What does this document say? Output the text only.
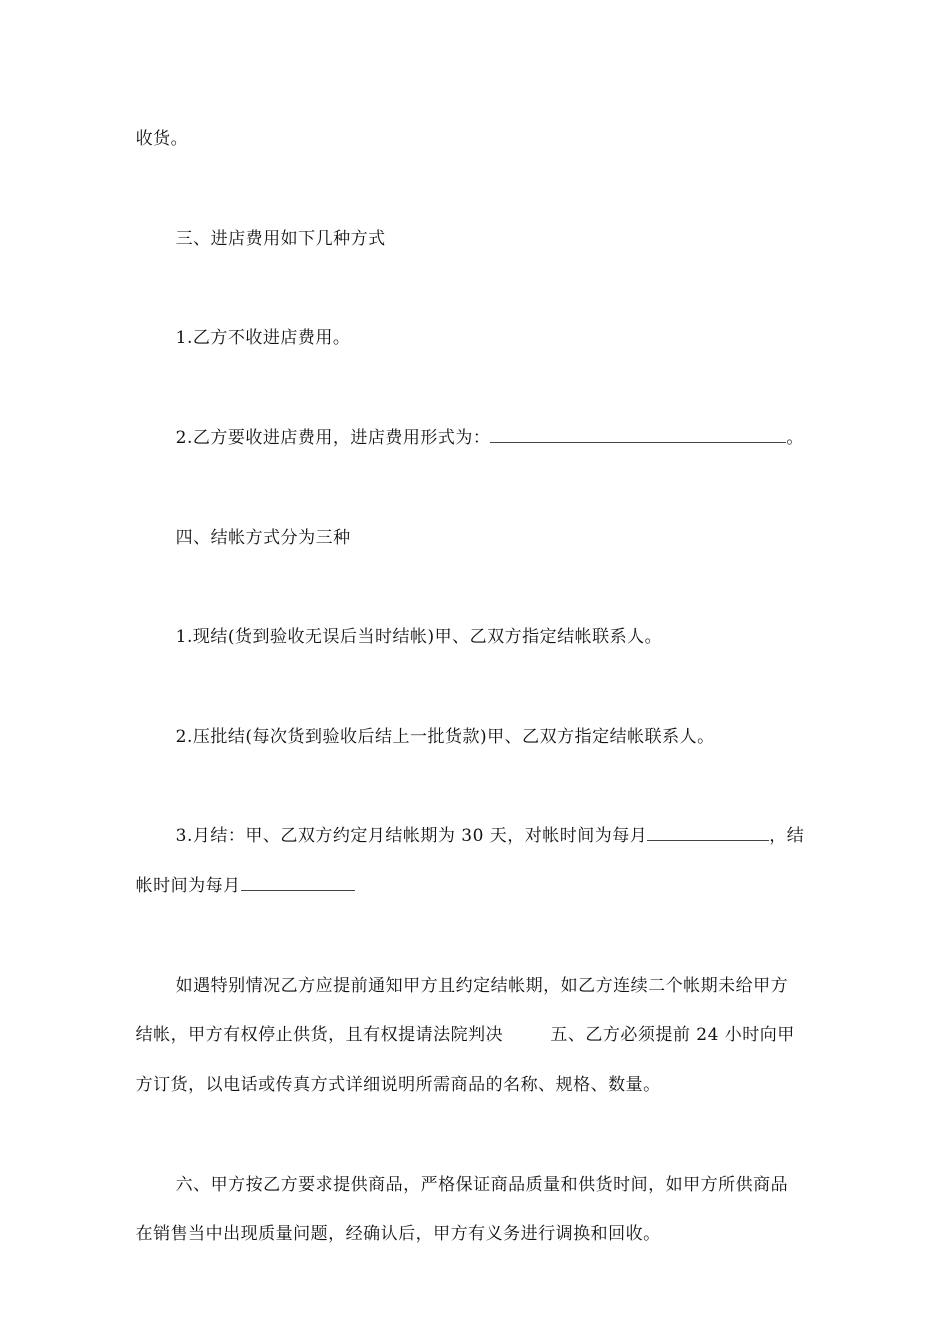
收货。

三、进店费用如下几种方式

1.乙方不收进店费用。

2.乙方要收进店费用，进店费用形式为：	。

四、结帐方式分为三种

1.现结(货到验收无误后当时结帐)甲、乙双方指定结帐联系人。

2.压批结(每次货到验收后结上一批货款)甲、乙双方指定结帐联系人。

3.月结：甲、乙双方约定月结帐期为 30 天，对帐时间为每月	，结

帐时间为每月

如遇特别情况乙方应提前通知甲方且约定结帐期，如乙方连续二个帐期未给甲方

结帐，甲方有权停止供货，且有权提请法院判决        五、乙方必须提前 24 小时向甲

方订货，以电话或传真方式详细说明所需商品的名称、规格、数量。

六、甲方按乙方要求提供商品，严格保证商品质量和供货时间，如甲方所供商品

在销售当中出现质量问题，经确认后，甲方有义务进行调换和回收。
